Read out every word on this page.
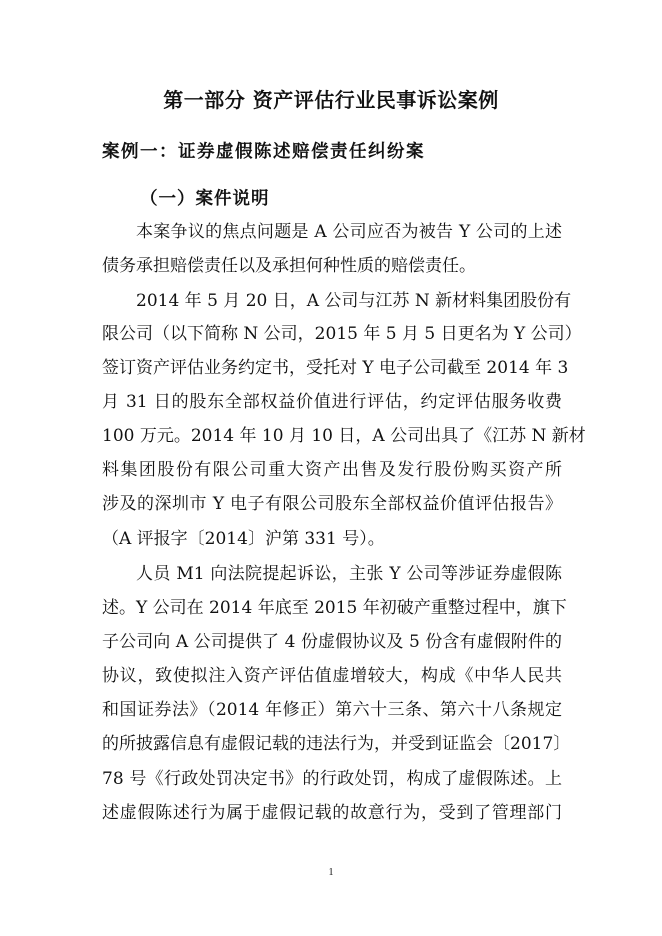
第一部分 资产评估行业民事诉讼案例
案例一：证券虚假陈述赔偿责任纠纷案
（一）案件说明
本案争议的焦点问题是 A 公司应否为被告 Y 公司的上述
债务承担赔偿责任以及承担何种性质的赔偿责任。
2014 年 5 月 20 日，A 公司与江苏 N 新材料集团股份有
限公司（以下简称 N 公司，2015 年 5 月 5 日更名为 Y 公司）
签订资产评估业务约定书，受托对 Y 电子公司截至 2014 年 3
月 31 日的股东全部权益价值进行评估，约定评估服务收费
100 万元。2014 年 10 月 10 日，A 公司出具了《江苏 N 新材
料集团股份有限公司重大资产出售及发行股份购买资产所
涉及的深圳市 Y 电子有限公司股东全部权益价值评估报告》
（A 评报字〔2014〕沪第 331 号）。
人员 M1 向法院提起诉讼，主张 Y 公司等涉证券虚假陈
述。Y 公司在 2014 年底至 2015 年初破产重整过程中，旗下
子公司向 A 公司提供了 4 份虚假协议及 5 份含有虚假附件的
协议，致使拟注入资产评估值虚增较大，构成《中华人民共
和国证券法》（2014 年修正）第六十三条、第六十八条规定
的所披露信息有虚假记载的违法行为，并受到证监会〔2017〕
78 号《行政处罚决定书》的行政处罚，构成了虚假陈述。上
述虚假陈述行为属于虚假记载的故意行为，受到了管理部门
1
